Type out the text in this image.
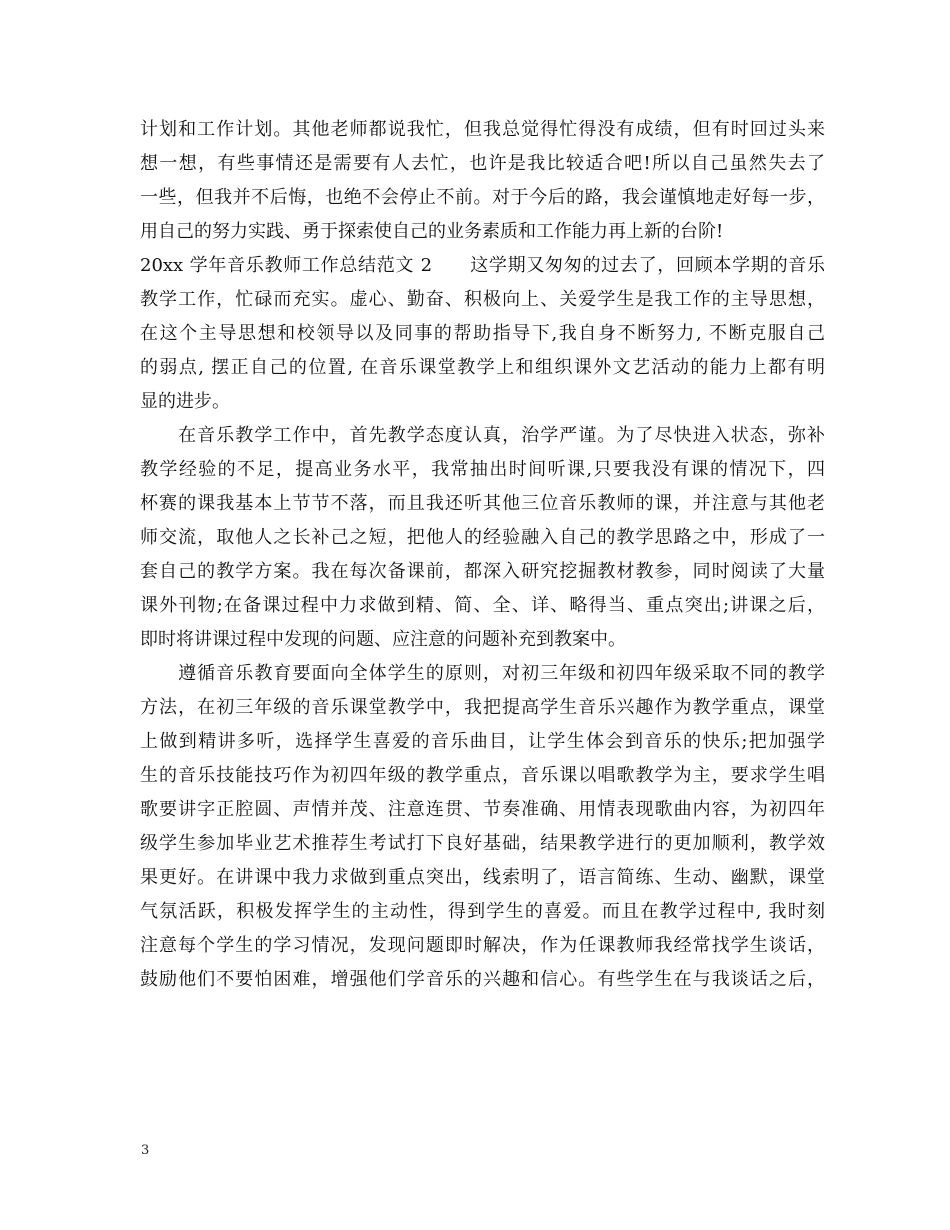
计划和工作计划。其他老师都说我忙，但我总觉得忙得没有成绩，但有时回过头来
想一想，有些事情还是需要有人去忙，也许是我比较适合吧!所以自己虽然失去了
一些，但我并不后悔，也绝不会停止不前。对于今后的路，我会谨慎地走好每一步，
用自己的努力实践、勇于探索使自己的业务素质和工作能力再上新的台阶!
20xx 学年音乐教师工作总结范文 2　　这学期又匆匆的过去了，回顾本学期的音乐
教学工作，忙碌而充实。虚心、勤奋、积极向上、关爱学生是我工作的主导思想，
在这个主导思想和校领导以及同事的帮助指导下,我自身不断努力, 不断克服自己
的弱点, 摆正自己的位置, 在音乐课堂教学上和组织课外文艺活动的能力上都有明
显的进步。
　　在音乐教学工作中，首先教学态度认真，治学严谨。为了尽快进入状态，弥补
教学经验的不足，提高业务水平，我常抽出时间听课,只要我没有课的情况下，四
杯赛的课我基本上节节不落，而且我还听其他三位音乐教师的课，并注意与其他老
师交流，取他人之长补己之短，把他人的经验融入自己的教学思路之中，形成了一
套自己的教学方案。我在每次备课前，都深入研究挖掘教材教参，同时阅读了大量
课外刊物;在备课过程中力求做到精、简、全、详、略得当、重点突出;讲课之后，
即时将讲课过程中发现的问题、应注意的问题补充到教案中。
　　遵循音乐教育要面向全体学生的原则，对初三年级和初四年级采取不同的教学
方法，在初三年级的音乐课堂教学中，我把提高学生音乐兴趣作为教学重点，课堂
上做到精讲多听，选择学生喜爱的音乐曲目，让学生体会到音乐的快乐;把加强学
生的音乐技能技巧作为初四年级的教学重点，音乐课以唱歌教学为主，要求学生唱
歌要讲字正腔圆、声情并茂、注意连贯、节奏准确、用情表现歌曲内容，为初四年
级学生参加毕业艺术推荐生考试打下良好基础，结果教学进行的更加顺利，教学效
果更好。在讲课中我力求做到重点突出，线索明了，语言简练、生动、幽默，课堂
气氛活跃，积极发挥学生的主动性，得到学生的喜爱。而且在教学过程中, 我时刻
注意每个学生的学习情况，发现问题即时解决，作为任课教师我经常找学生谈话，
鼓励他们不要怕困难，增强他们学音乐的兴趣和信心。有些学生在与我谈话之后，
3
